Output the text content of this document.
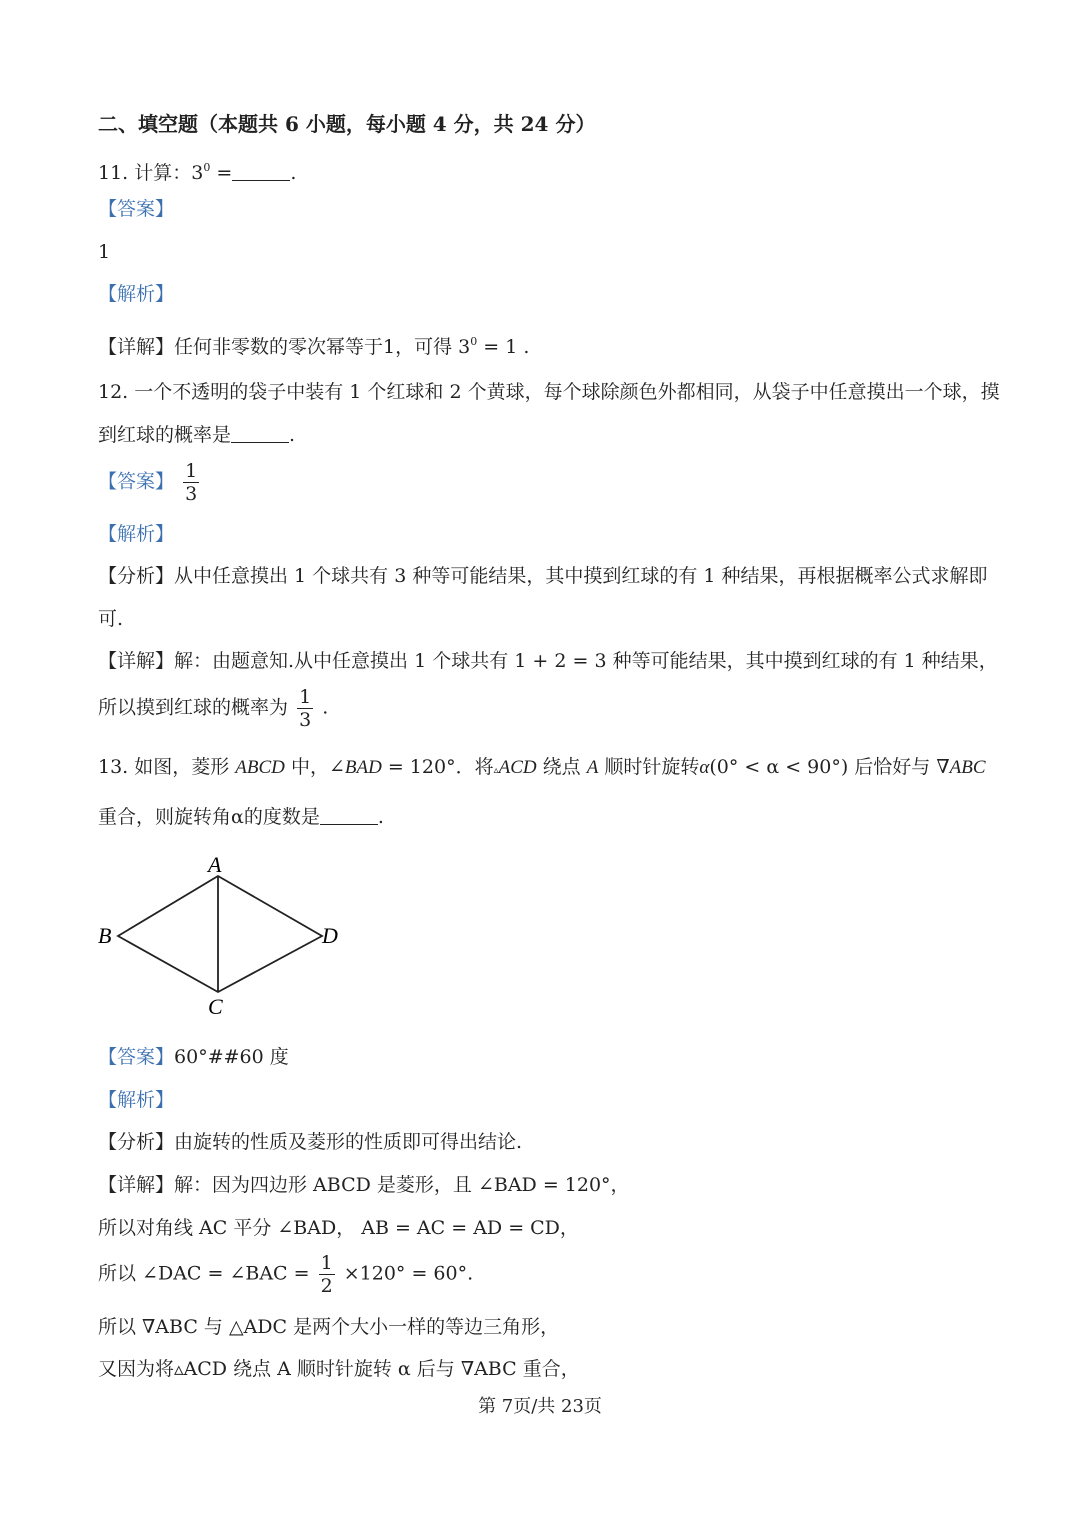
二、填空题（本题共 6 小题，每小题 4 分，共 24 分）
11. 计算：$3^0$ =	.
【答案】
1
【解析】
【详解】任何非零数的零次幂等于1，可得 $3^0 = 1$ .
12. 一个不透明的袋子中装有 1 个红球和 2 个黄球，每个球除颜色外都相同，从袋子中任意摸出一个球，摸
到红球的概率是	.
【答案】 $\frac{1}{3}$
【解析】
【分析】从中任意摸出 1 个球共有 3 种等可能结果，其中摸到红球的有 1 种结果，再根据概率公式求解即
可.
【详解】解：由题意知.从中任意摸出 1 个球共有 1 + 2 = 3 种等可能结果，其中摸到红球的有 1 种结果，
所以摸到红球的概率为 $\frac{1}{3}$ .
13. 如图，菱形 ABCD 中，∠BAD = 120°．将▵ACD 绕点 A 顺时针旋转α(0° < α < 90°) 后恰好与 ∇ABC
重合，则旋转角α的度数是	.
A
B
C
D
【答案】60°##60 度
【解析】
【分析】由旋转的性质及菱形的性质即可得出结论.
【详解】解：因为四边形 ABCD 是菱形，且 ∠BAD = 120°，
所以对角线 AC 平分 ∠BAD， AB = AC = AD = CD，
所以 ∠DAC = ∠BAC = $\frac{1}{2} \times 120^\circ = 60^\circ$.
所以 ∇ABC 与 △ADC 是两个大小一样的等边三角形，
又因为将▵ACD 绕点 A 顺时针旋转 α 后与 ∇ABC 重合，
第 7页/共 23页
